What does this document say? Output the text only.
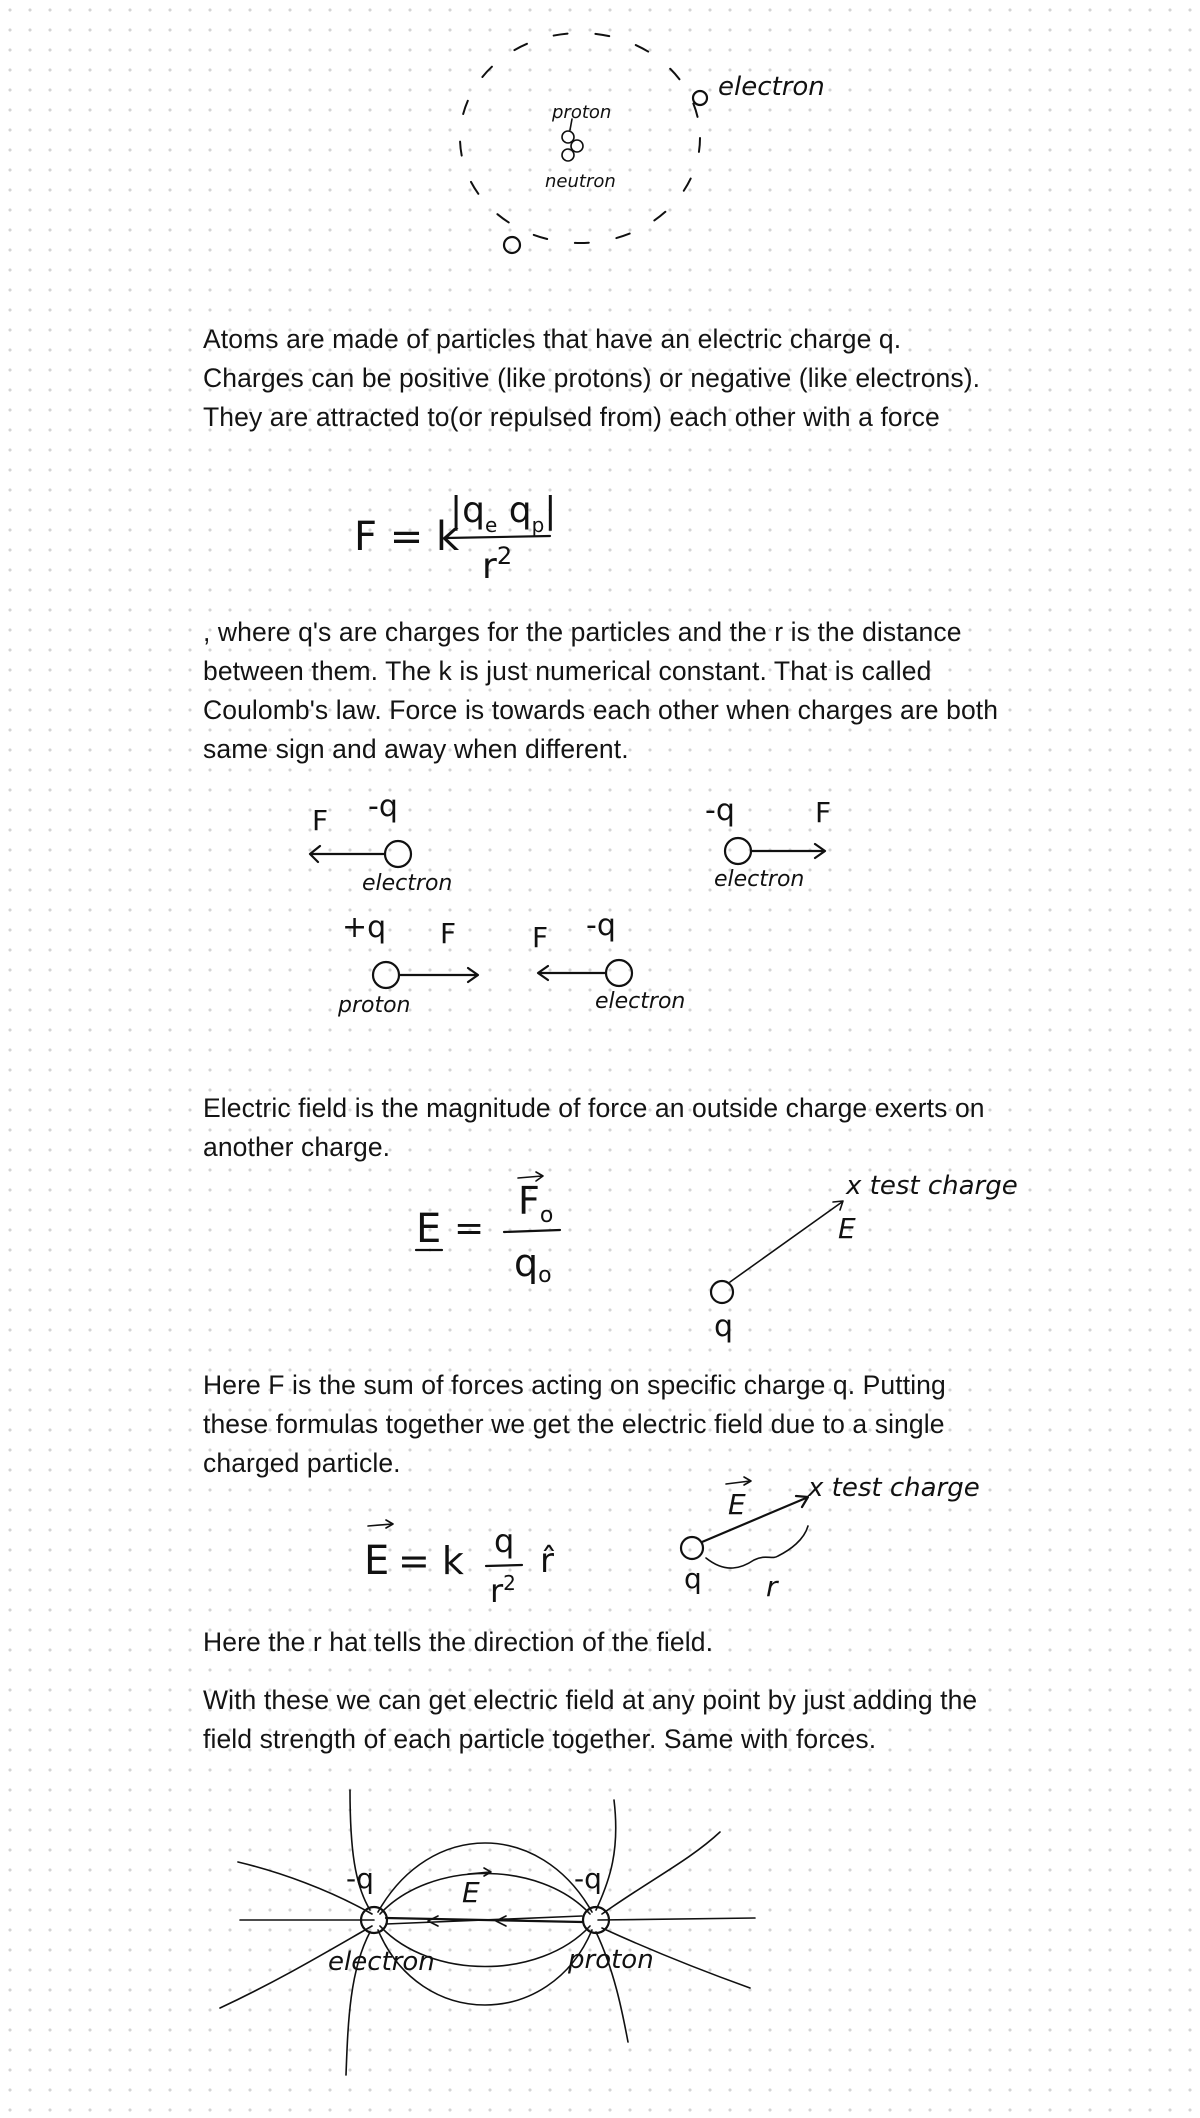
electron
proton
neutron

Atoms are made of particles that have an electric charge q. Charges can be positive (like protons) or negative (like electrons). They are attracted to(or repulsed from) each other with a force

F = k
$|q_e$ $q_p|$
$r^2$

, where q's are charges for the particles and the r is the distance between them. The k is just numerical constant. That is called Coulomb's law. Force is towards each other when charges are both same sign and away when different.

F -q
electron
-q	F
electron
+q F
proton
F -q
electron

Electric field is the magnitude of force an outside charge exerts on another charge.

E =
$F_o$
qo
q
E
x test charge

Here F is the sum of forces acting on specific charge q. Putting these formulas together we get the electric field due to a single charged particle.

E = k q
$r^2$
r̂	q
E
r
x test charge

Here the r hat tells the direction of the field.

With these we can get electric field at any point by just adding the field strength of each particle together. Same with forces.

-q	-q
E
electron	proton
